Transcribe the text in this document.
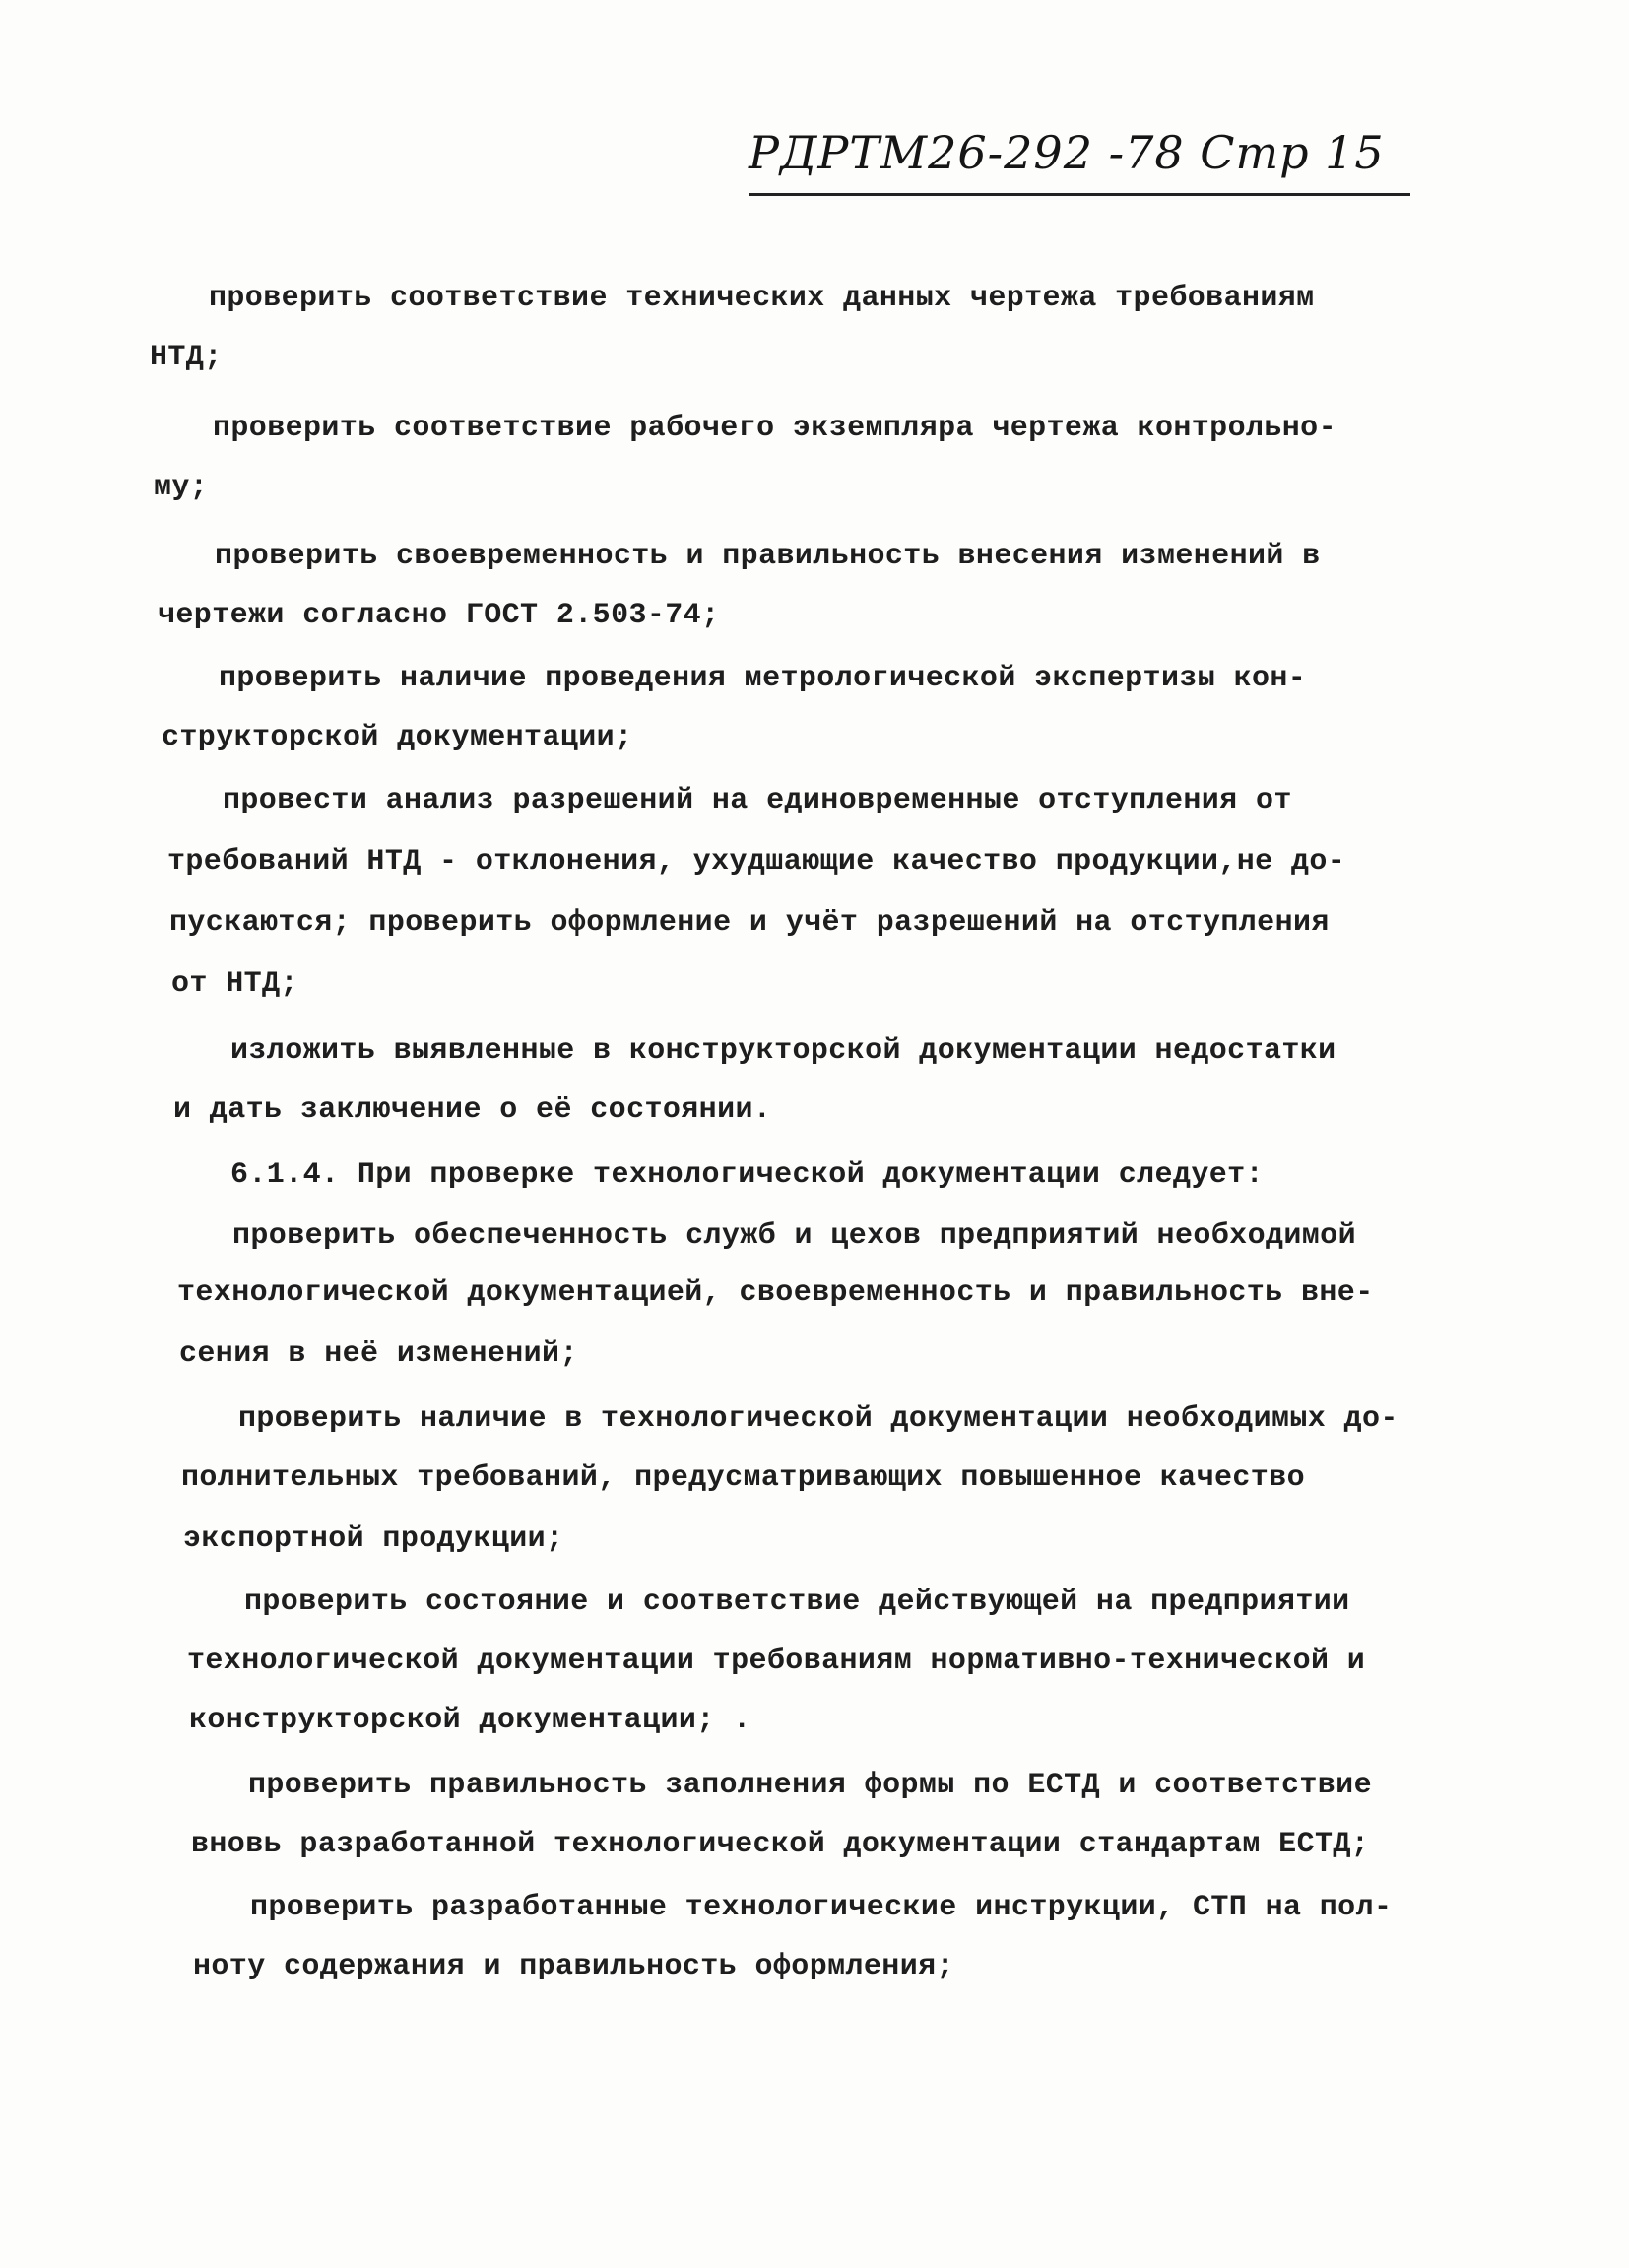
РДРТМ26-292 -78 Стр 15
проверить соответствие технических данных чертежа требованиям
НТД;
проверить соответствие рабочего экземпляра чертежа контрольно-
му;
проверить своевременность и правильность внесения изменений в
чертежи согласно ГОСТ 2.503-74;
проверить наличие проведения метрологической экспертизы кон-
структорской документации;
провести анализ разрешений на единовременные отступления от
требований НТД - отклонения, ухудшающие качество продукции,не до-
пускаются; проверить оформление и учёт разрешений на отступления
от НТД;
изложить выявленные в конструкторской документации недостатки
и дать заключение о её состоянии.
6.1.4. При проверке технологической документации следует:
проверить обеспеченность служб и цехов предприятий необходимой
технологической документацией, своевременность и правильность вне-
сения в неё изменений;
проверить наличие в технологической документации необходимых до-
полнительных требований, предусматривающих повышенное качество
экспортной продукции;
проверить состояние и соответствие действующей на предприятии
технологической документации требованиям нормативно-технической и
конструкторской документации; .
проверить правильность заполнения формы по ЕСТД и соответствие
вновь разработанной технологической документации стандартам ЕСТД;
проверить разработанные технологические инструкции, СТП на пол-
ноту содержания и правильность оформления;
